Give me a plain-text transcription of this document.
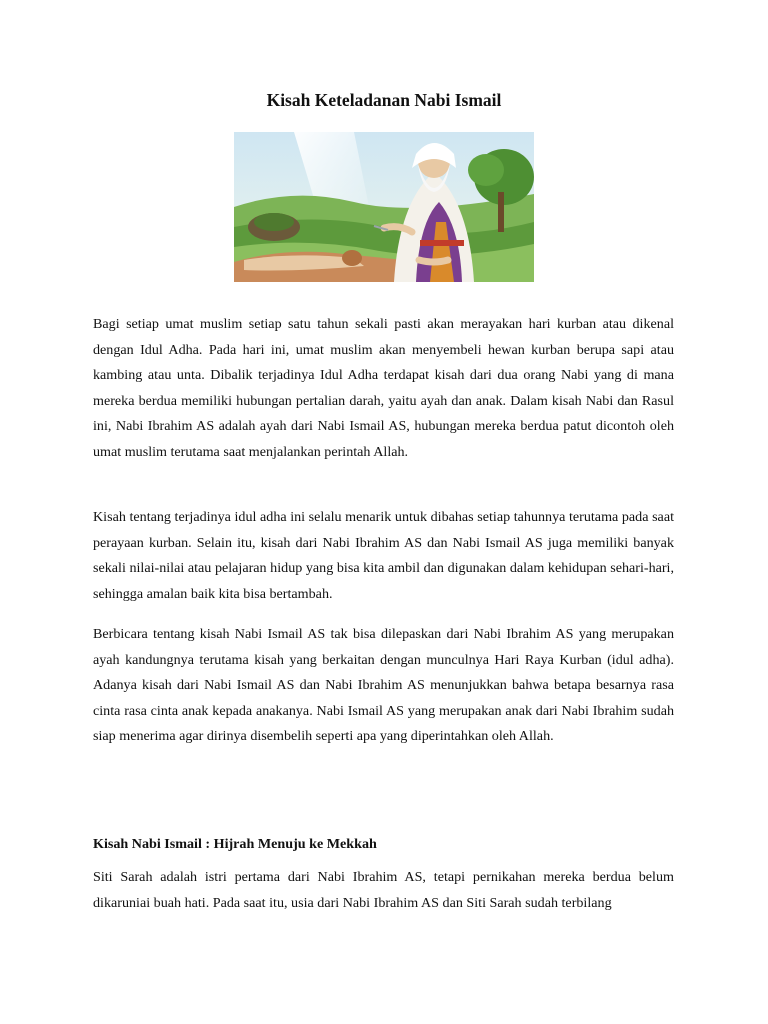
Kisah Keteladanan Nabi Ismail

Bagi setiap umat muslim setiap satu tahun sekali pasti akan merayakan hari kurban atau dikenal dengan Idul Adha. Pada hari ini, umat muslim akan menyembeli hewan kurban berupa sapi atau kambing atau unta. Dibalik terjadinya Idul Adha terdapat kisah dari dua orang Nabi yang di mana mereka berdua memiliki hubungan pertalian darah, yaitu ayah dan anak. Dalam kisah Nabi dan Rasul ini, Nabi Ibrahim AS adalah ayah dari Nabi Ismail AS, hubungan mereka berdua patut dicontoh oleh umat muslim terutama saat menjalankan perintah Allah.

Kisah tentang terjadinya idul adha ini selalu menarik untuk dibahas setiap tahunnya terutama pada saat perayaan kurban. Selain itu, kisah dari Nabi Ibrahim AS dan Nabi Ismail AS juga memiliki banyak sekali nilai-nilai atau pelajaran hidup yang bisa kita ambil dan digunakan dalam kehidupan sehari-hari, sehingga amalan baik kita bisa bertambah.

Berbicara tentang kisah Nabi Ismail AS tak bisa dilepaskan dari Nabi Ibrahim AS yang merupakan ayah kandungnya terutama kisah yang berkaitan dengan munculnya Hari Raya Kurban (idul adha). Adanya kisah dari Nabi Ismail AS dan Nabi Ibrahim AS menunjukkan bahwa betapa besarnya rasa cinta rasa cinta anak kepada anakanya. Nabi Ismail AS yang merupakan anak dari Nabi Ibrahim sudah siap menerima agar dirinya disembelih seperti apa yang diperintahkan oleh Allah.

Kisah Nabi Ismail : Hijrah Menuju ke Mekkah

Siti Sarah adalah istri pertama dari Nabi Ibrahim AS, tetapi pernikahan mereka berdua belum dikaruniai buah hati. Pada saat itu, usia dari Nabi Ibrahim AS dan Siti Sarah sudah terbilang
